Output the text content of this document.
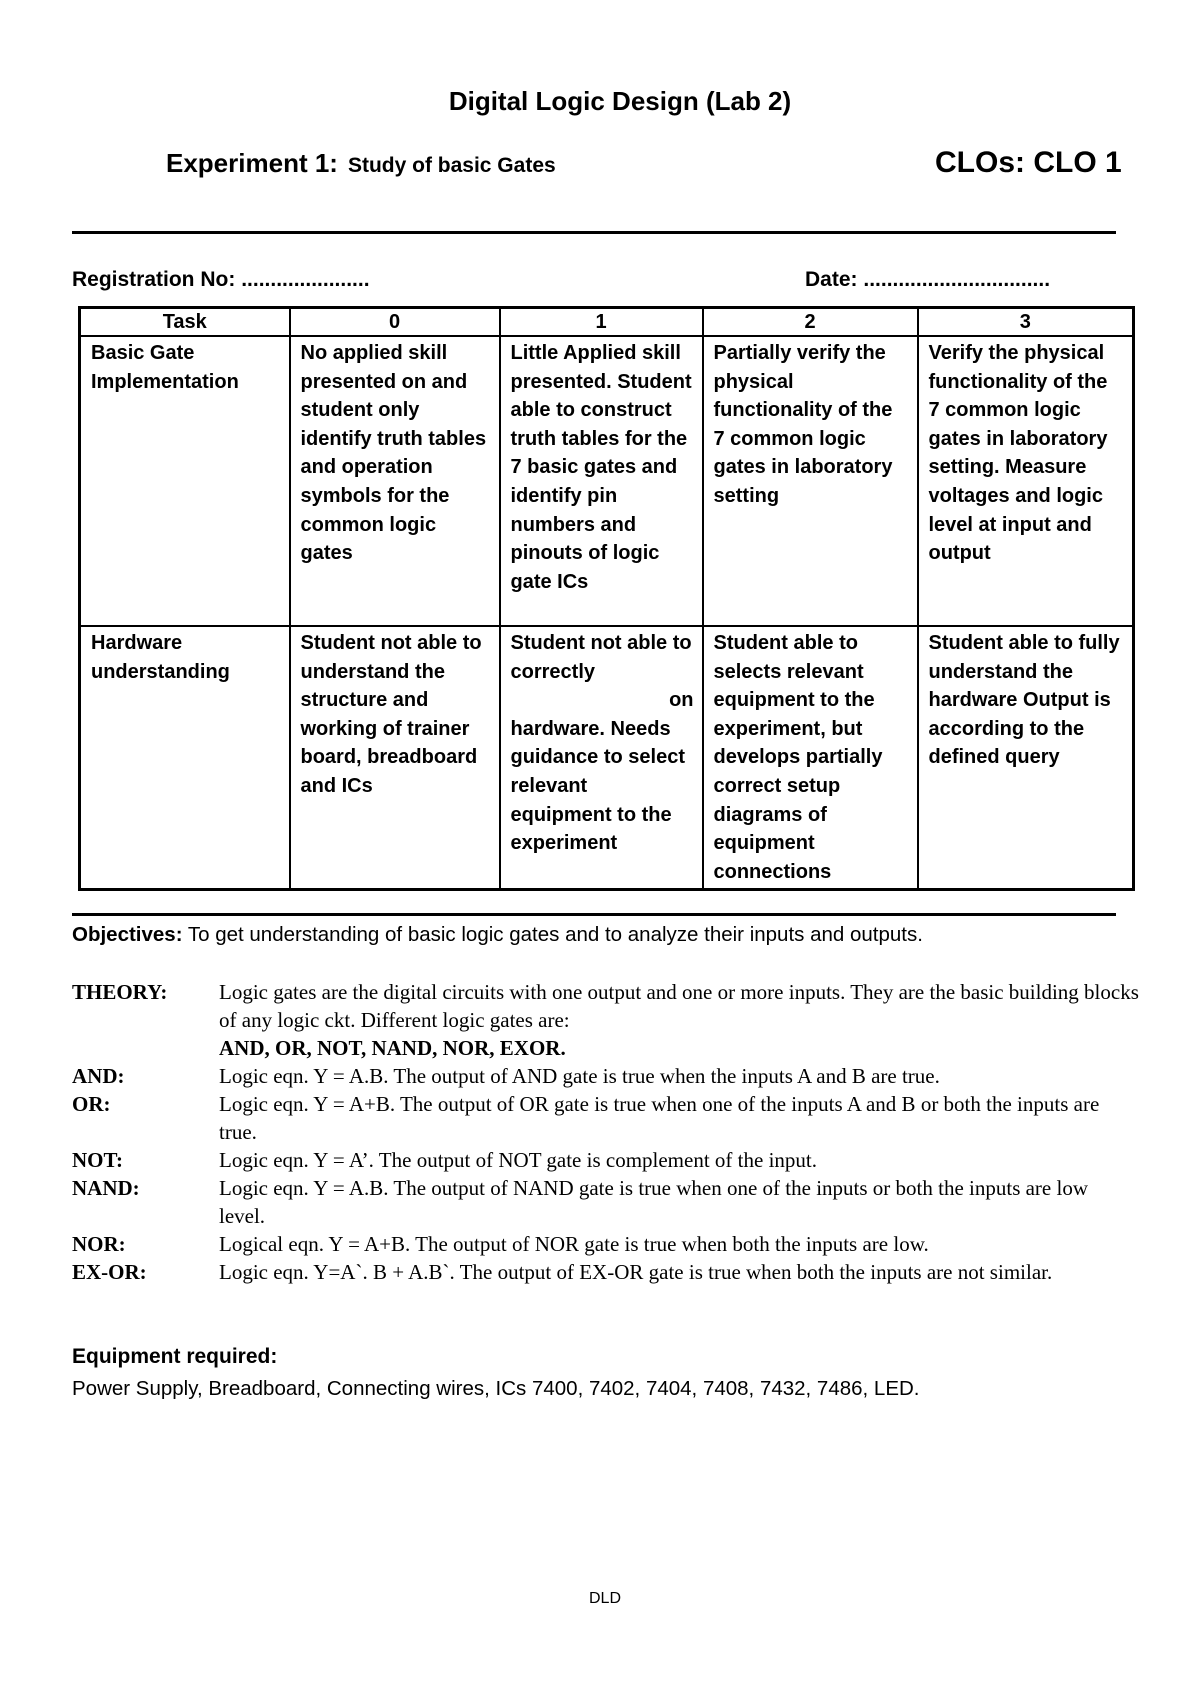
Digital Logic Design (Lab 2)
Experiment 1: Study of basic Gates	CLOs: CLO 1
Registration No: ......................	Date: ................................
Task	0	1	2	3
Basic Gate Implementation	No applied skill presented on and student only identify truth tables and operation symbols for the common logic gates	Little Applied skill presented. Student able to construct truth tables for the 7 basic gates and identify pin numbers and pinouts of logic gate ICs	Partially verify the physical functionality of the 7 common logic gates in laboratory setting	Verify the physical functionality of the 7 common logic gates in laboratory setting. Measure voltages and logic level at input and output
Hardware understanding	Student not able to understand the structure and working of trainer board, breadboard and ICs	Student not able to correctly
on
hardware. Needs guidance to select relevant equipment to the experiment	Student able to selects relevant equipment to the experiment, but develops partially correct setup diagrams of equipment connections	Student able to fully understand the hardware Output is according to the defined query
Objectives: To get understanding of basic logic gates and to analyze their inputs and outputs.
THEORY:	Logic gates are the digital circuits with one output and one or more inputs. They are the basic building blocks of any logic ckt. Different logic gates are:
AND, OR, NOT, NAND, NOR, EXOR.
AND:	Logic eqn. Y = A.B. The output of AND gate is true when the inputs A and B are true.
OR:	Logic eqn. Y = A+B. The output of OR gate is true when one of the inputs A and B or both the inputs are true.
NOT:	Logic eqn. Y = A’. The output of NOT gate is complement of the input.
NAND:	Logic eqn. Y = A.B. The output of NAND gate is true when one of the inputs or both the inputs are low level.
NOR:	Logical eqn. Y = A+B. The output of NOR gate is true when both the inputs are low.
EX-OR:	Logic eqn. Y=A`. B + A.B`. The output of EX-OR gate is true when both the inputs are not similar.
Equipment required:
Power Supply, Breadboard, Connecting wires, ICs 7400, 7402, 7404, 7408, 7432, 7486, LED.
DLD
